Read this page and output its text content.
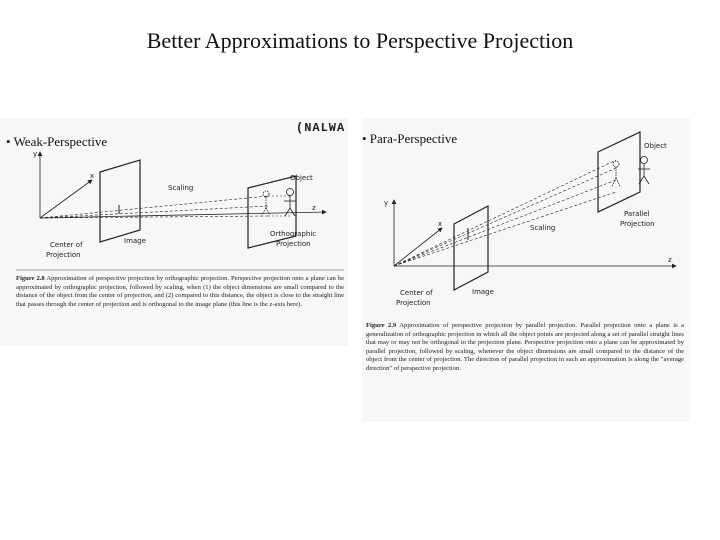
Better Approximations to Perspective Projection
• Weak-Perspective
(NALWA
• Para-Perspective
y
x
z
Object
Scaling
Image
Center of
Projection
Orthographic
Projection
y
x
z
Object
Scaling
Image
Center of
Projection
Parallel
Projection
Figure 2.8 Approximation of perspective projection by orthographic projection. Perspective projection onto a plane can be approximated by orthographic projection, followed by scaling, when (1) the object dimensions are small compared to the distance of the object from the center of projection, and (2) compared to this distance, the object is close to the straight line that passes through the center of projection and is orthogonal to the image plane (this line is the z-axis here).
Figure 2.9 Approximation of perspective projection by parallel projection. Parallel projection onto a plane is a generalization of orthographic projection in which all the object points are projected along a set of parallel straight lines that may or may not be orthogonal to the projection plane. Perspective projection onto a plane can be approximated by parallel projection, followed by scaling, whenever the object dimensions are small compared to the distance of the object from the center of projection. The direction of parallel projection in such an approximation is along the "average direction" of perspective projection.
